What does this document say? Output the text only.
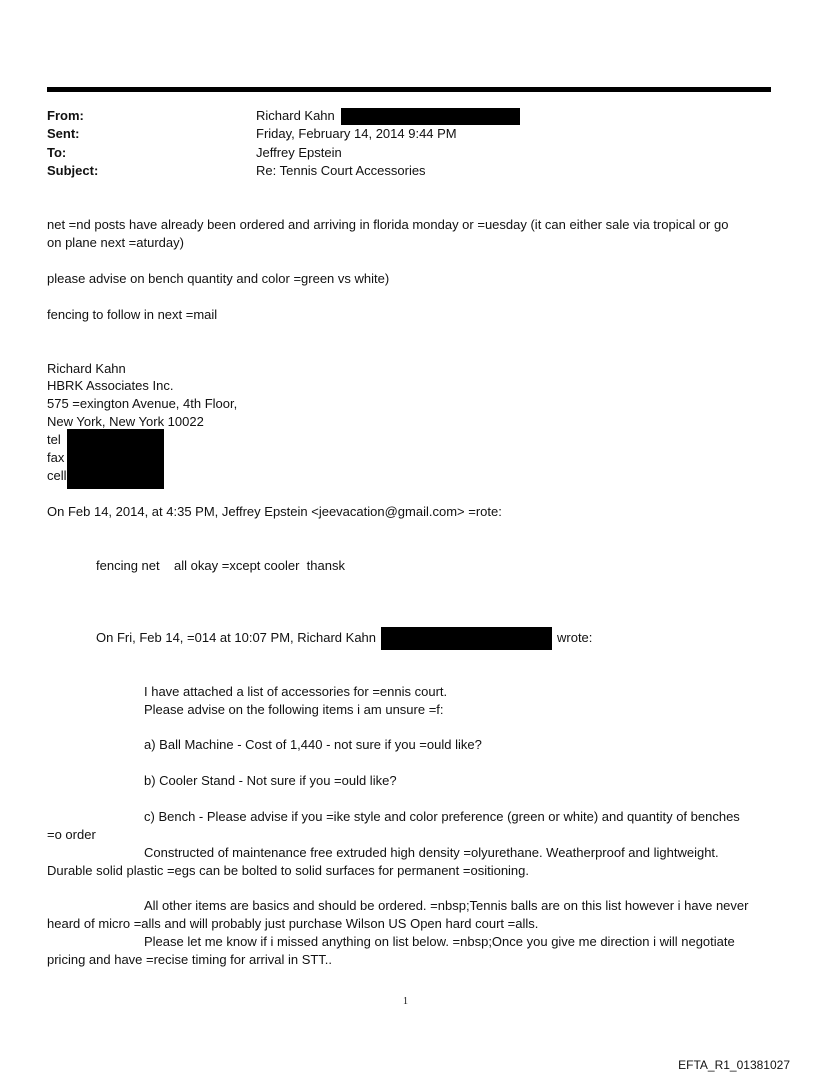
From:	Richard Kahn
Sent:	Friday, February 14, 2014 9:44 PM
To:	Jeffrey Epstein
Subject:	Re: Tennis Court Accessories
net =nd posts have already been ordered and arriving in florida monday or =uesday (it can either sale via tropical or go
on plane next =aturday)
please advise on bench quantity and color =green vs white)
fencing to follow in next =mail
Richard Kahn
HBRK Associates Inc.
575 =exington Avenue, 4th Floor,
New York, New York 10022
tel
fax
cell
On Feb 14, 2014, at 4:35 PM, Jeffrey Epstein <jeevacation@gmail.com> =rote:
fencing net    all okay =xcept cooler  thansk
On Fri, Feb 14, =014 at 10:07 PM, Richard Kahn	wrote:
I have attached a list of accessories for =ennis court.
Please advise on the following items i am unsure =f:
a) Ball Machine - Cost of 1,440 - not sure if you =ould like?
b) Cooler Stand - Not sure if you =ould like?
c) Bench - Please advise if you =ike style and color preference (green or white) and quantity of benches
=o order
Constructed of maintenance free extruded high density =olyurethane. Weatherproof and lightweight.
Durable solid plastic =egs can be bolted to solid surfaces for permanent =ositioning.
All other items are basics and should be ordered. =nbsp;Tennis balls are on this list however i have never
heard of micro =alls and will probably just purchase Wilson US Open hard court =alls.
Please let me know if i missed anything on list below. =nbsp;Once you give me direction i will negotiate
pricing and have =recise timing for arrival in STT..
1
EFTA_R1_01381027
